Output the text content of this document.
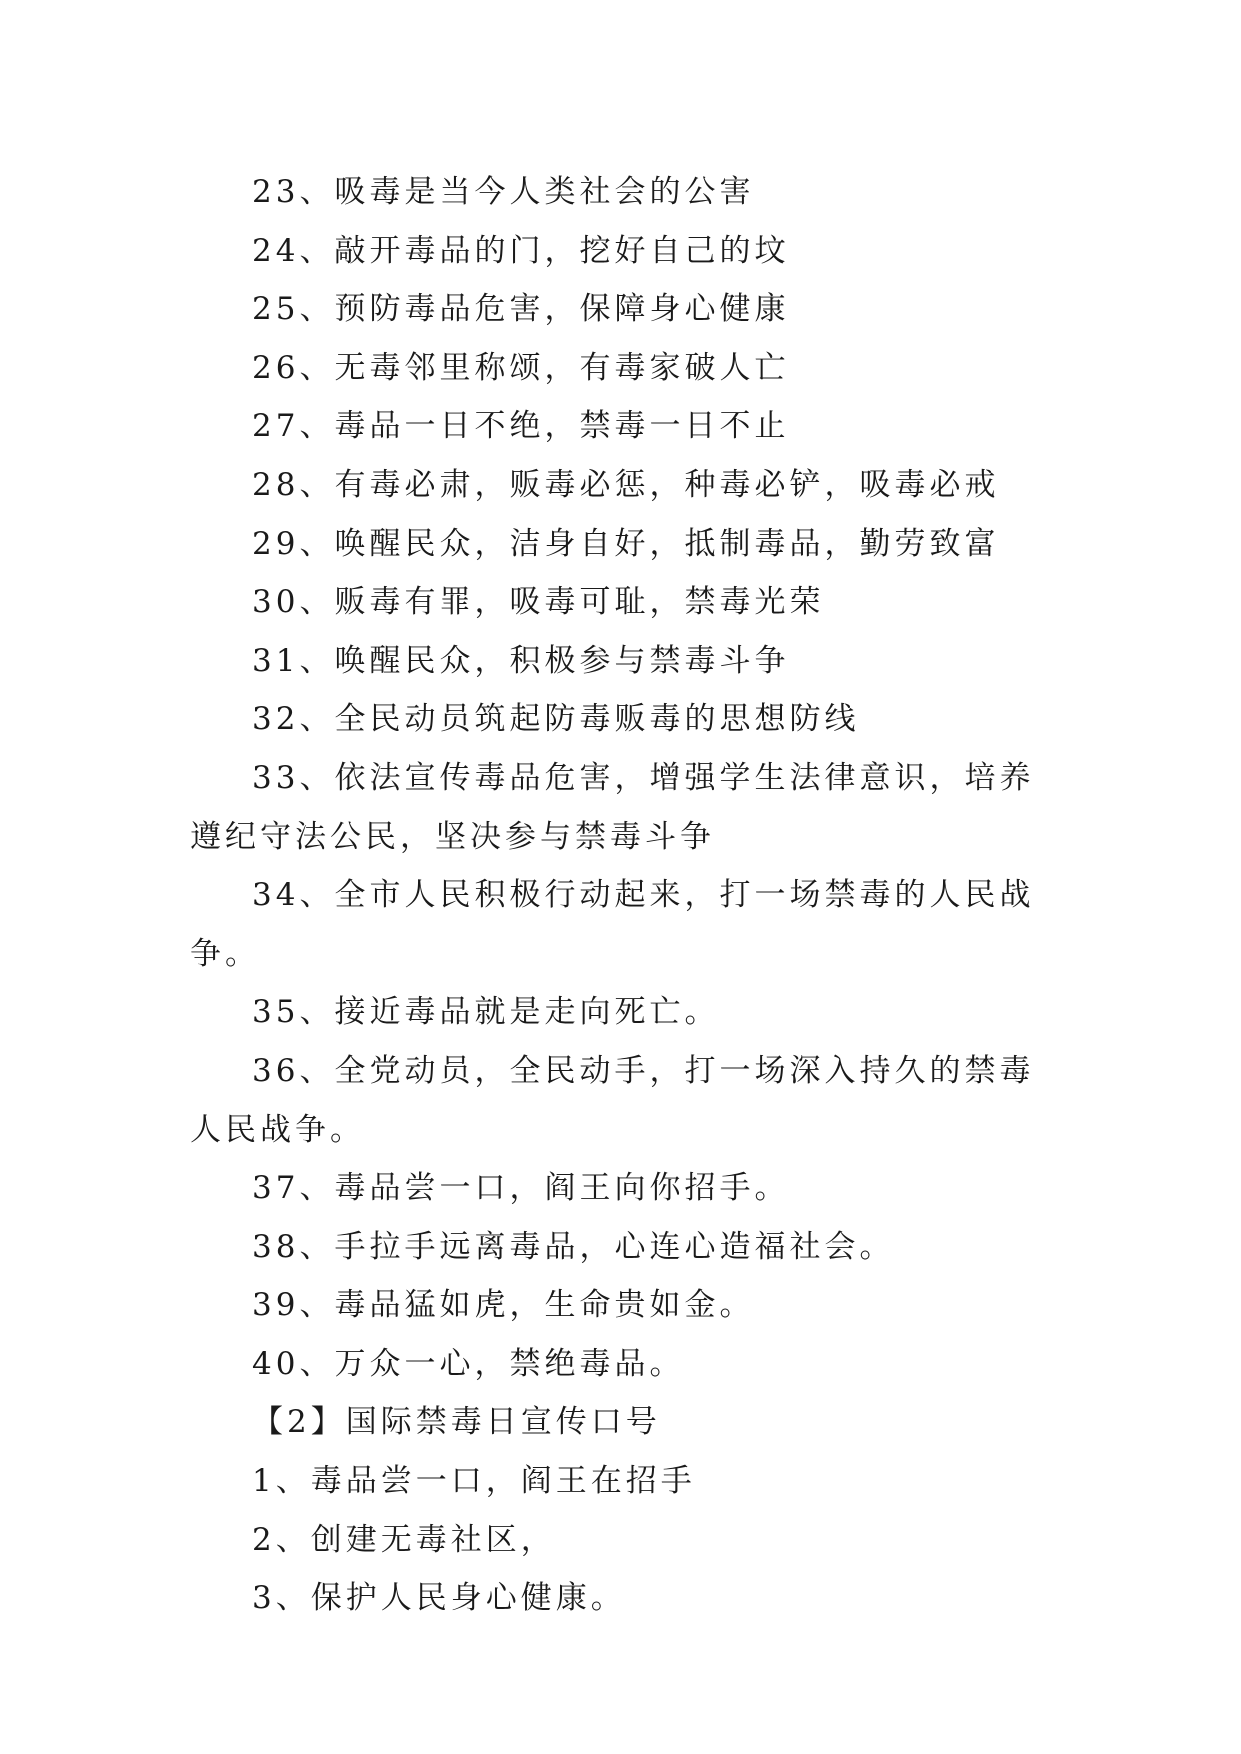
23、吸毒是当今人类社会的公害

24、敲开毒品的门，挖好自己的坟

25、预防毒品危害，保障身心健康

26、无毒邻里称颂，有毒家破人亡

27、毒品一日不绝，禁毒一日不止

28、有毒必肃，贩毒必惩，种毒必铲，吸毒必戒

29、唤醒民众，洁身自好，抵制毒品，勤劳致富

30、贩毒有罪，吸毒可耻，禁毒光荣

31、唤醒民众，积极参与禁毒斗争

32、全民动员筑起防毒贩毒的思想防线

33、依法宣传毒品危害，增强学生法律意识，培养遵纪守法公民，坚决参与禁毒斗争

34、全市人民积极行动起来，打一场禁毒的人民战争。

35、接近毒品就是走向死亡。

36、全党动员，全民动手，打一场深入持久的禁毒人民战争。

37、毒品尝一口，阎王向你招手。

38、手拉手远离毒品，心连心造福社会。

39、毒品猛如虎，生命贵如金。

40、万众一心，禁绝毒品。

【2】国际禁毒日宣传口号

1、毒品尝一口，阎王在招手

2、创建无毒社区，

3、保护人民身心健康。
